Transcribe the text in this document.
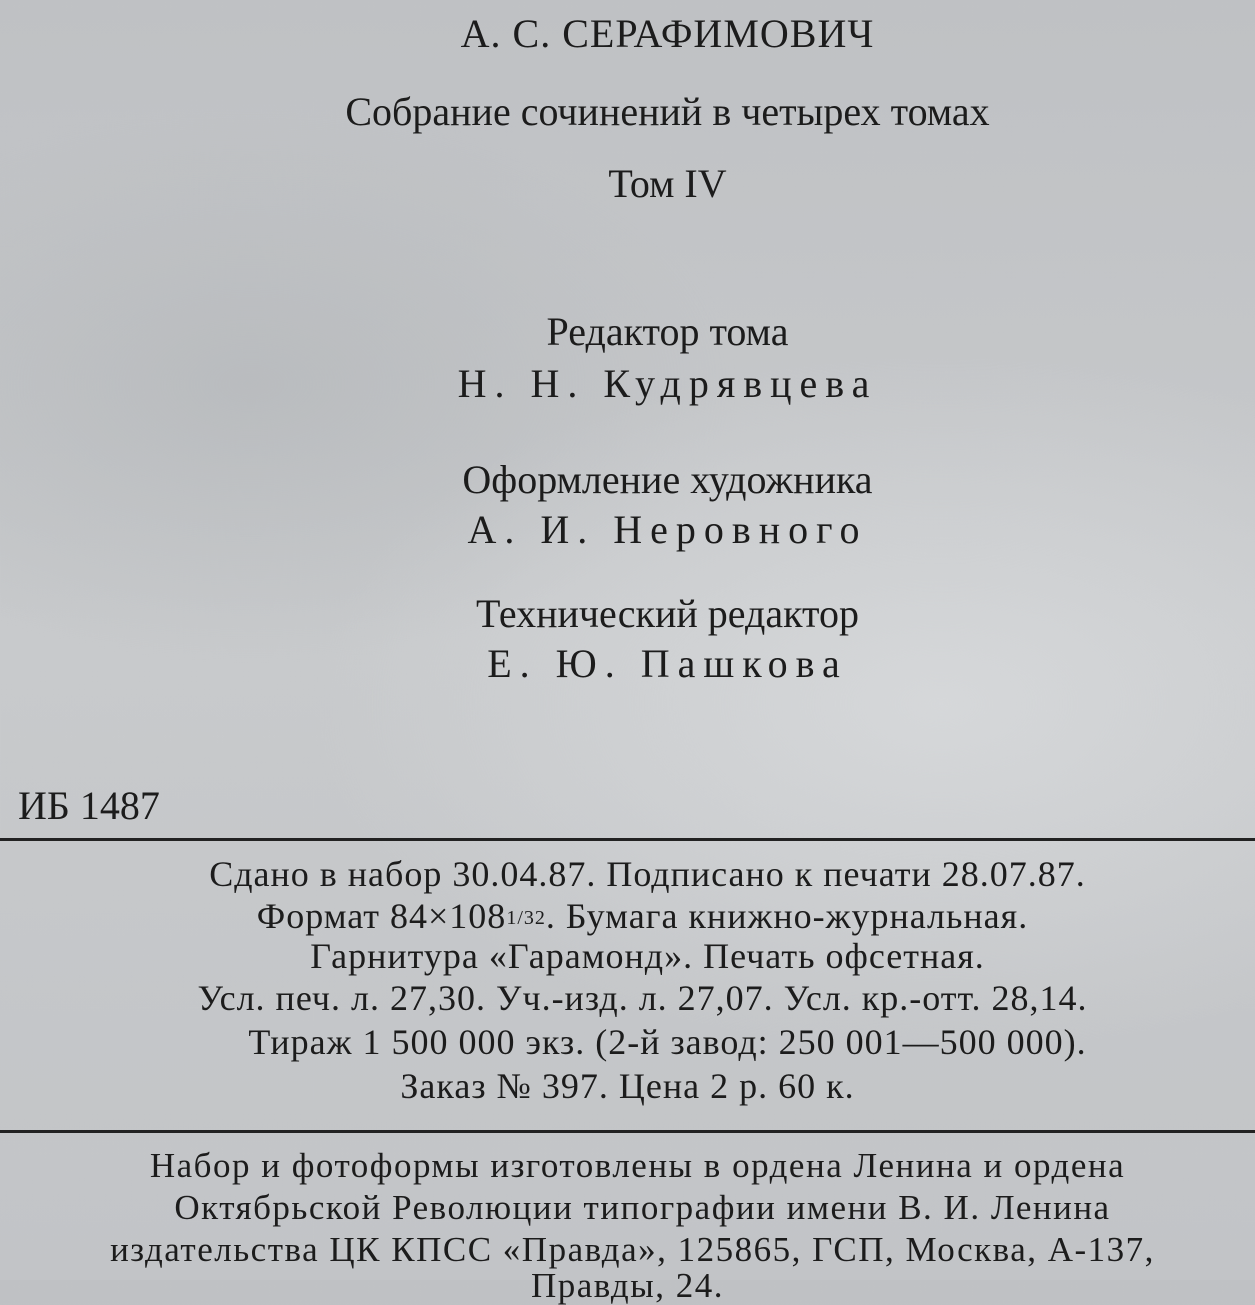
А. С. СЕРАФИМОВИЧ
Собрание сочинений в четырех томах
Том IV
Редактор тома
Н. Н. Кудрявцева
Оформление художника
А. И. Неровного
Технический редактор
Е. Ю. Пашкова
ИБ 1487
Сдано в набор 30.04.87. Подписано к печати 28.07.87.
Формат 84×1081/32. Бумага книжно-журнальная.
Гарнитура «Гарамонд». Печать офсетная.
Усл. печ. л. 27,30. Уч.-изд. л. 27,07. Усл. кр.-отт. 28,14.
Тираж 1 500 000 экз. (2-й завод: 250 001—500 000).
Заказ № 397. Цена 2 р. 60 к.
Набор и фотоформы изготовлены в ордена Ленина и ордена
Октябрьской Революции типографии имени В. И. Ленина
издательства ЦК КПСС «Правда», 125865, ГСП, Москва, А-137,
Правды, 24.
